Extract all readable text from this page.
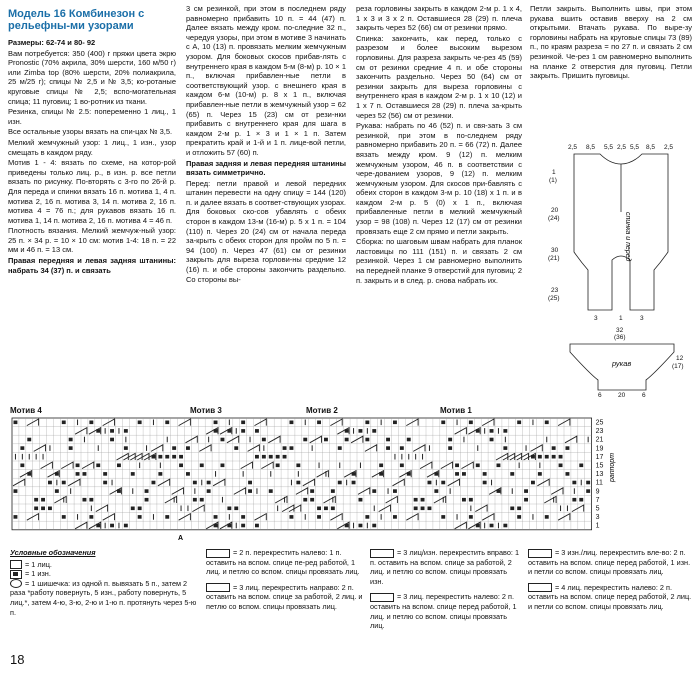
Модель 16 Комбинезон с рельефны-ми узорами

Размеры: 62-74 и 80- 92

Вам потребуется: 350 (400) г пряжи цвета экрю Pronostic (70% акрила, 30% шерсти, 160 м/50 г) или Zimba top (80% шерсти, 20% полиакрила, 25 м/25 г); спицы № 2,5 и № 3,5; ко-ротаные круговые спицы № 2,5; вспо-могательная спица; 11 пуговиц; 1 во-ротник из ткани.

Резинка, спицы № 2.5: попеременно 1 лиц., 1 изн.

Все остальные узоры вязать на спи-цах № 3,5.

Мелкий жемчужный узор: 1 лиц., 1 изн., узор смещать в каждом ряду.

Мотив 1 - 4: вязать по схеме, на котор-рой приведены только лиц. р., в изн. р. все петли вязать по рисунку. По-вторять с 3-го по 26-й р. Для переда и спинки вязать 16 п. мотива 1, 4 п. мотива 2, 16 п. мотива 3, 14 п. мотива 2, 16 п. мотива 4 = 76 п.; для рукавов вязать 16 п. мотива 1, 14 п. мотива 2, 16 п. мотива 4 = 46 п.

Плотность вязания. Мелкий жемчуж-ный узор: 25 п. × 34 р. = 10 × 10 см: мотив 1-4: 18 п. = 22 мм и 46 п. = 13 см.

Правая передняя и левая задняя штанины: набрать 34 (37) п. и связать

3 см резинкой, при этом в последнем ряду равномерно прибавить 10 п. = 44 (47) п. Далее вязать между кром. по-следние 32 п., чередуя узоры, при этом в мотиве 3 начинать с А, 10 (13) п. провязать мелким жемчужным узором. Для боковых скосов прибав-лять с внутреннего края в каждом 5-м (8-м) р. 10 × 1 п., включая прибавлен-ные петли в соответствующий узор. с внешнего края в каждом 6-м (10-м) р. 8 х 1 п., включая прибавлен-ные петли в жемчужный узор = 62 (65) п. Через 15 (23) см от рези-нки прибавить с внутреннего края для шага в каждом 2-м р. 1 × 3 и 1 × 1 п. Затем прекратить край и 1-й и 1 п. лице-вой петли, и отложить 57 (60) п.

Правая задняя и левая передняя штанины вязать симметрично.

Перед: петли правой и левой передних штанин перевести на одну спицу = 144 (120) п. и далее вязать в соответ-ствующих узорах. Для боковых ско-сов убавлять с обеих сторон в каждом 13-м (16-м) р. 5 х 1 п. = 104 (110) п. Через 20 (24) см от начала переда за-крыть с обеих сторон для пройм по 5 п. = 94 (100) п. Через 47 (61) см от резинки закрыть для выреза горлови-ны средние 12 (16) п. и обе стороны закончить раздельно. Со стороны вы-

реза горловины закрыть в каждом 2-м р. 1 х 4, 1 х 3 и 3 х 2 п. Оставшиеся 28 (29) п. плеча закрыть через 52 (66) см от резинки прямо.

Спинка: закончить, как перед, только с разрезом и более высоким вырезом горловины. Для разреза закрыть че-рез 45 (59) см от резинки средние 4 п. и обе стороны закончить раздельно. Через 50 (64) см от резинки закрыть для выреза горловины с внутреннего края в каждом 2-м р. 1 х 10 (12) и 1 х 7 п. Оставшиеся 28 (29) п. плеча за-крыть через 52 (56) см от резинки.

Рукава: набрать по 46 (52) п. и свя-зать 3 см резинкой, при этом в по-следнем ряду равномерно прибавить 20 п. = 66 (72) п. Далее вязать между кром. 9 (12) п. мелким жемчужным узором, 46 п. в соответствии с чере-дованием узоров, 9 (12) п. мелким жемчужным узором. Для скосов при-бавлять с обеих сторон в каждом 3-м р. 10 (18) х 1 п. и в каждом 2-м р. 5 (0) х 1 п., включая прибавленные петли в мелкий жемчужный узор = 98 (108) п. Через 12 (17) см от резинки провязать еще 2 см прямо и петли закрыть.

Сборка: по шаговым швам набрать для планок ластовицы по 111 (151) п. и связать 2 см резинкой. Через 1 см равномерно выполнить на передней планке 9 отверстий для пуговиц: 2 п. закрыть и в след. р. снова набрать их.

Петли закрыть. Выполнить швы, при этом рукава вшить оставив вверху на 2 см открытыми. Втачать рукава. По выре-зу горловины набрать на круговые спицы 73 (89) п., по краям разреза = по 27 п. и связать 2 см резинкой. Че-рез 1 см равномерно выполнить на планке 2 отверстия для пуговиц. Петли закрыть. Пришить пуговицы.

2,5 8,5 5,5 2,5 5,5 8,5 2,5
1
(1)
20
(24)
30
(21)
23
(25)
3	1	3
спинка и перед
32
(36)
рукав
12
(17)
6	20	6
Мотив 4	Мотив 3	Мотив 2	Мотив 1
25
23
21
19
17
15
13
11
9
7
5
3
1
раппорт
A
Условные обозначения
= 1 лиц.
= 1 изн.
= 1 шишечка: из одной п. вывязать 5 п., затем 2 раза *работу повернуть, 5 изн., работу повернуть, 5 лиц.*, затем 4-ю, 3-ю, 2-ю и 1-ю п. протянуть через 5-ю п.
= 2 п. перекрестить налево: 1 п. оставить на вспом. спице пе-ред работой, 1 лиц. и петлю со вспом. спицы провязать лиц.
= 3 лиц. перекрестить направо: 2 п. оставить на вспом. спице за работой, 2 лиц. и петлю со вспом. спицы провязать лиц.
= 3 лиц/изн. перекрестить вправо: 1 п. оставить на вспом. спице за работой, 2 лиц. и петлю со вспом. спицы провязать изн.
= 3 лиц. перекрестить налево: 2 п. оставить на вспом. спице перед работой, 1 лиц. и петлю со вспом. спицы провязать лиц.
= 3 изн./лиц. перекрестить вле-во: 2 п. оставить на вспом. спице перед работой, 1 изн. и петли со вспом. спицы провязать лиц.
= 4 лиц. перекрестить налево: 2 п. оставить на вспом. спице перед работой, 2 лиц. и петли со вспом. спицы провязать лиц.
18
